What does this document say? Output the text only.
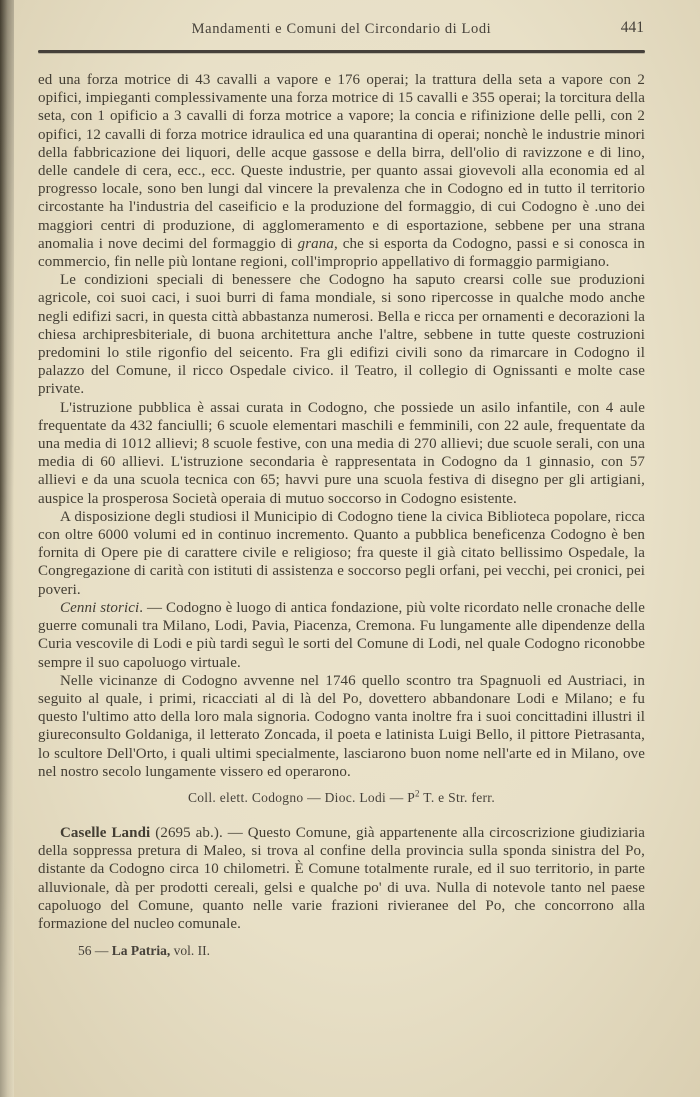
Mandamenti e Comuni del Circondario di Lodi	441

ed una forza motrice di 43 cavalli a vapore e 176 operai; la trattura della seta a vapore con 2 opifici, impieganti complessivamente una forza motrice di 15 cavalli e 355 operai; la torcitura della seta, con 1 opificio a 3 cavalli di forza motrice a vapore; la concia e rifinizione delle pelli, con 2 opifici, 12 cavalli di forza motrice idraulica ed una quarantina di operai; nonchè le industrie minori della fabbricazione dei liquori, delle acque gassose e della birra, dell'olio di ravizzone e di lino, delle candele di cera, ecc., ecc. Queste industrie, per quanto assai giovevoli alla economia ed al progresso locale, sono ben lungi dal vincere la prevalenza che in Codogno ed in tutto il territorio circostante ha l'industria del caseificio e la produzione del formaggio, di cui Codogno è .uno dei maggiori centri di produzione, di agglomeramento e di esportazione, sebbene per una strana anomalia i nove decimi del formaggio di grana, che si esporta da Codogno, passi e si conosca in commercio, fin nelle più lontane regioni, coll'improprio appellativo di formaggio parmigiano.

Le condizioni speciali di benessere che Codogno ha saputo crearsi colle sue produzioni agricole, coi suoi caci, i suoi burri di fama mondiale, si sono ripercosse in qualche modo anche negli edifizi sacri, in questa città abbastanza numerosi. Bella e ricca per ornamenti e decorazioni la chiesa archipresbiteriale, di buona architettura anche l'altre, sebbene in tutte queste costruzioni predomini lo stile rigonfio del seicento. Fra gli edifizi civili sono da rimarcare in Codogno il palazzo del Comune, il ricco Ospedale civico. il Teatro, il collegio di Ognissanti e molte case private.

L'istruzione pubblica è assai curata in Codogno, che possiede un asilo infantile, con 4 aule frequentate da 432 fanciulli; 6 scuole elementari maschili e femminili, con 22 aule, frequentate da una media di 1012 allievi; 8 scuole festive, con una media di 270 allievi; due scuole serali, con una media di 60 allievi. L'istruzione secondaria è rappresentata in Codogno da 1 ginnasio, con 57 allievi e da una scuola tecnica con 65; havvi pure una scuola festiva di disegno per gli artigiani, auspice la prosperosa Società operaia di mutuo soccorso in Codogno esistente.

A disposizione degli studiosi il Municipio di Codogno tiene la civica Biblioteca popolare, ricca con oltre 6000 volumi ed in continuo incremento. Quanto a pubblica beneficenza Codogno è ben fornita di Opere pie di carattere civile e religioso; fra queste il già citato bellissimo Ospedale, la Congregazione di carità con istituti di assistenza e soccorso pegli orfani, pei vecchi, pei cronici, pei poveri.

Cenni storici. — Codogno è luogo di antica fondazione, più volte ricordato nelle cronache delle guerre comunali tra Milano, Lodi, Pavia, Piacenza, Cremona. Fu lungamente alle dipendenze della Curia vescovile di Lodi e più tardi seguì le sorti del Comune di Lodi, nel quale Codogno riconobbe sempre il suo capoluogo virtuale.

Nelle vicinanze di Codogno avvenne nel 1746 quello scontro tra Spagnuoli ed Austriaci, in seguito al quale, i primi, ricacciati al di là del Po, dovettero abbandonare Lodi e Milano; e fu questo l'ultimo atto della loro mala signoria. Codogno vanta inoltre fra i suoi concittadini illustri il giureconsulto Goldaniga, il letterato Zoncada, il poeta e latinista Luigi Bello, il pittore Pietrasanta, lo scultore Dell'Orto, i quali ultimi specialmente, lasciarono buon nome nell'arte ed in Milano, ove nel nostro secolo lungamente vissero ed operarono.

Coll. elett. Codogno — Dioc. Lodi — $P^2$ T. e Str. ferr.

Caselle Landi (2695 ab.). — Questo Comune, già appartenente alla circoscrizione giudiziaria della soppressa pretura di Maleo, si trova al confine della provincia sulla sponda sinistra del Po, distante da Codogno circa 10 chilometri. È Comune totalmente rurale, ed il suo territorio, in parte alluvionale, dà per prodotti cereali, gelsi e qualche po' di uva. Nulla di notevole tanto nel paese capoluogo del Comune, quanto nelle varie frazioni rivieranee del Po, che concorrono alla formazione del nucleo comunale.

56 — La Patria, vol. II.
